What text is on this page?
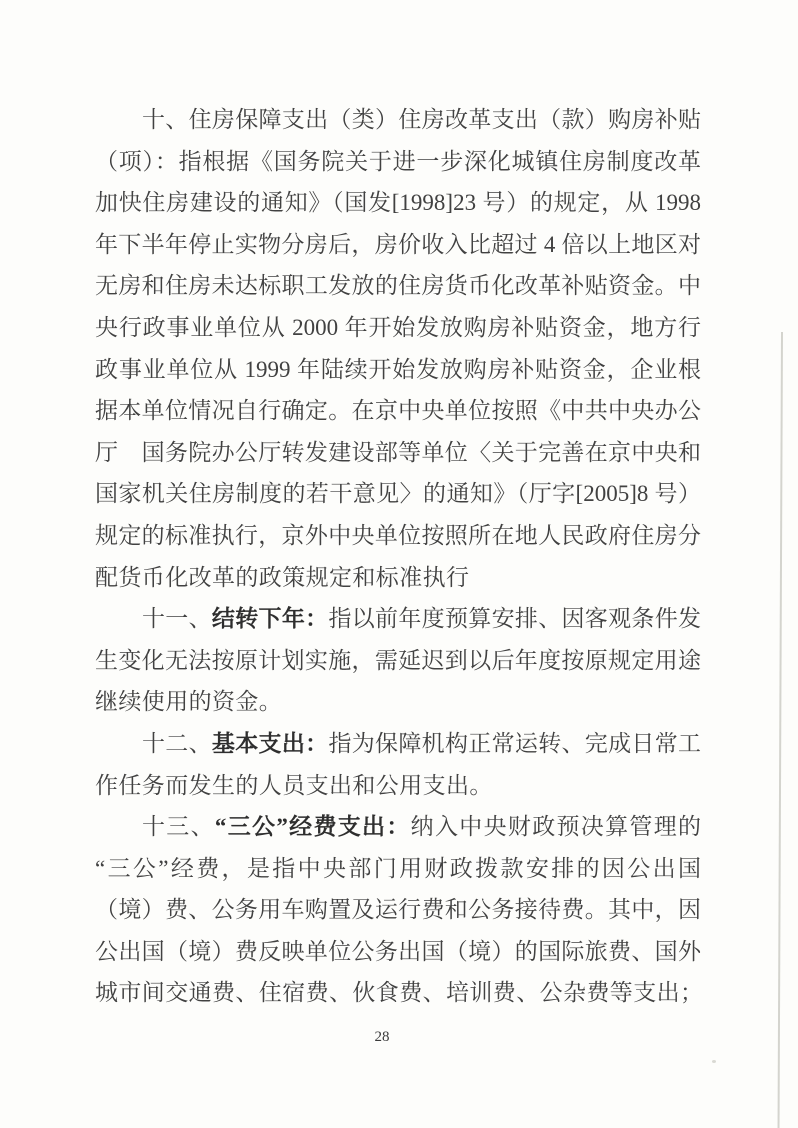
十、住房保障支出（类）住房改革支出（款）购房补贴
（项）：指根据《国务院关于进一步深化城镇住房制度改革
加快住房建设的通知》（国发[1998]23 号）的规定，从 1998
年下半年停止实物分房后，房价收入比超过 4 倍以上地区对
无房和住房未达标职工发放的住房货币化改革补贴资金。中
央行政事业单位从 2000 年开始发放购房补贴资金，地方行
政事业单位从 1999 年陆续开始发放购房补贴资金，企业根
据本单位情况自行确定。在京中央单位按照《中共中央办公
厅　国务院办公厅转发建设部等单位〈关于完善在京中央和
国家机关住房制度的若干意见〉的通知》（厅字[2005]8 号）
规定的标准执行，京外中央单位按照所在地人民政府住房分
配货币化改革的政策规定和标准执行
十一、结转下年：指以前年度预算安排、因客观条件发
生变化无法按原计划实施，需延迟到以后年度按原规定用途
继续使用的资金。
十二、基本支出：指为保障机构正常运转、完成日常工
作任务而发生的人员支出和公用支出。
十三、“三公”经费支出：纳入中央财政预决算管理的
“三公”经费，是指中央部门用财政拨款安排的因公出国
（境）费、公务用车购置及运行费和公务接待费。其中，因
公出国（境）费反映单位公务出国（境）的国际旅费、国外
城市间交通费、住宿费、伙食费、培训费、公杂费等支出；
28
